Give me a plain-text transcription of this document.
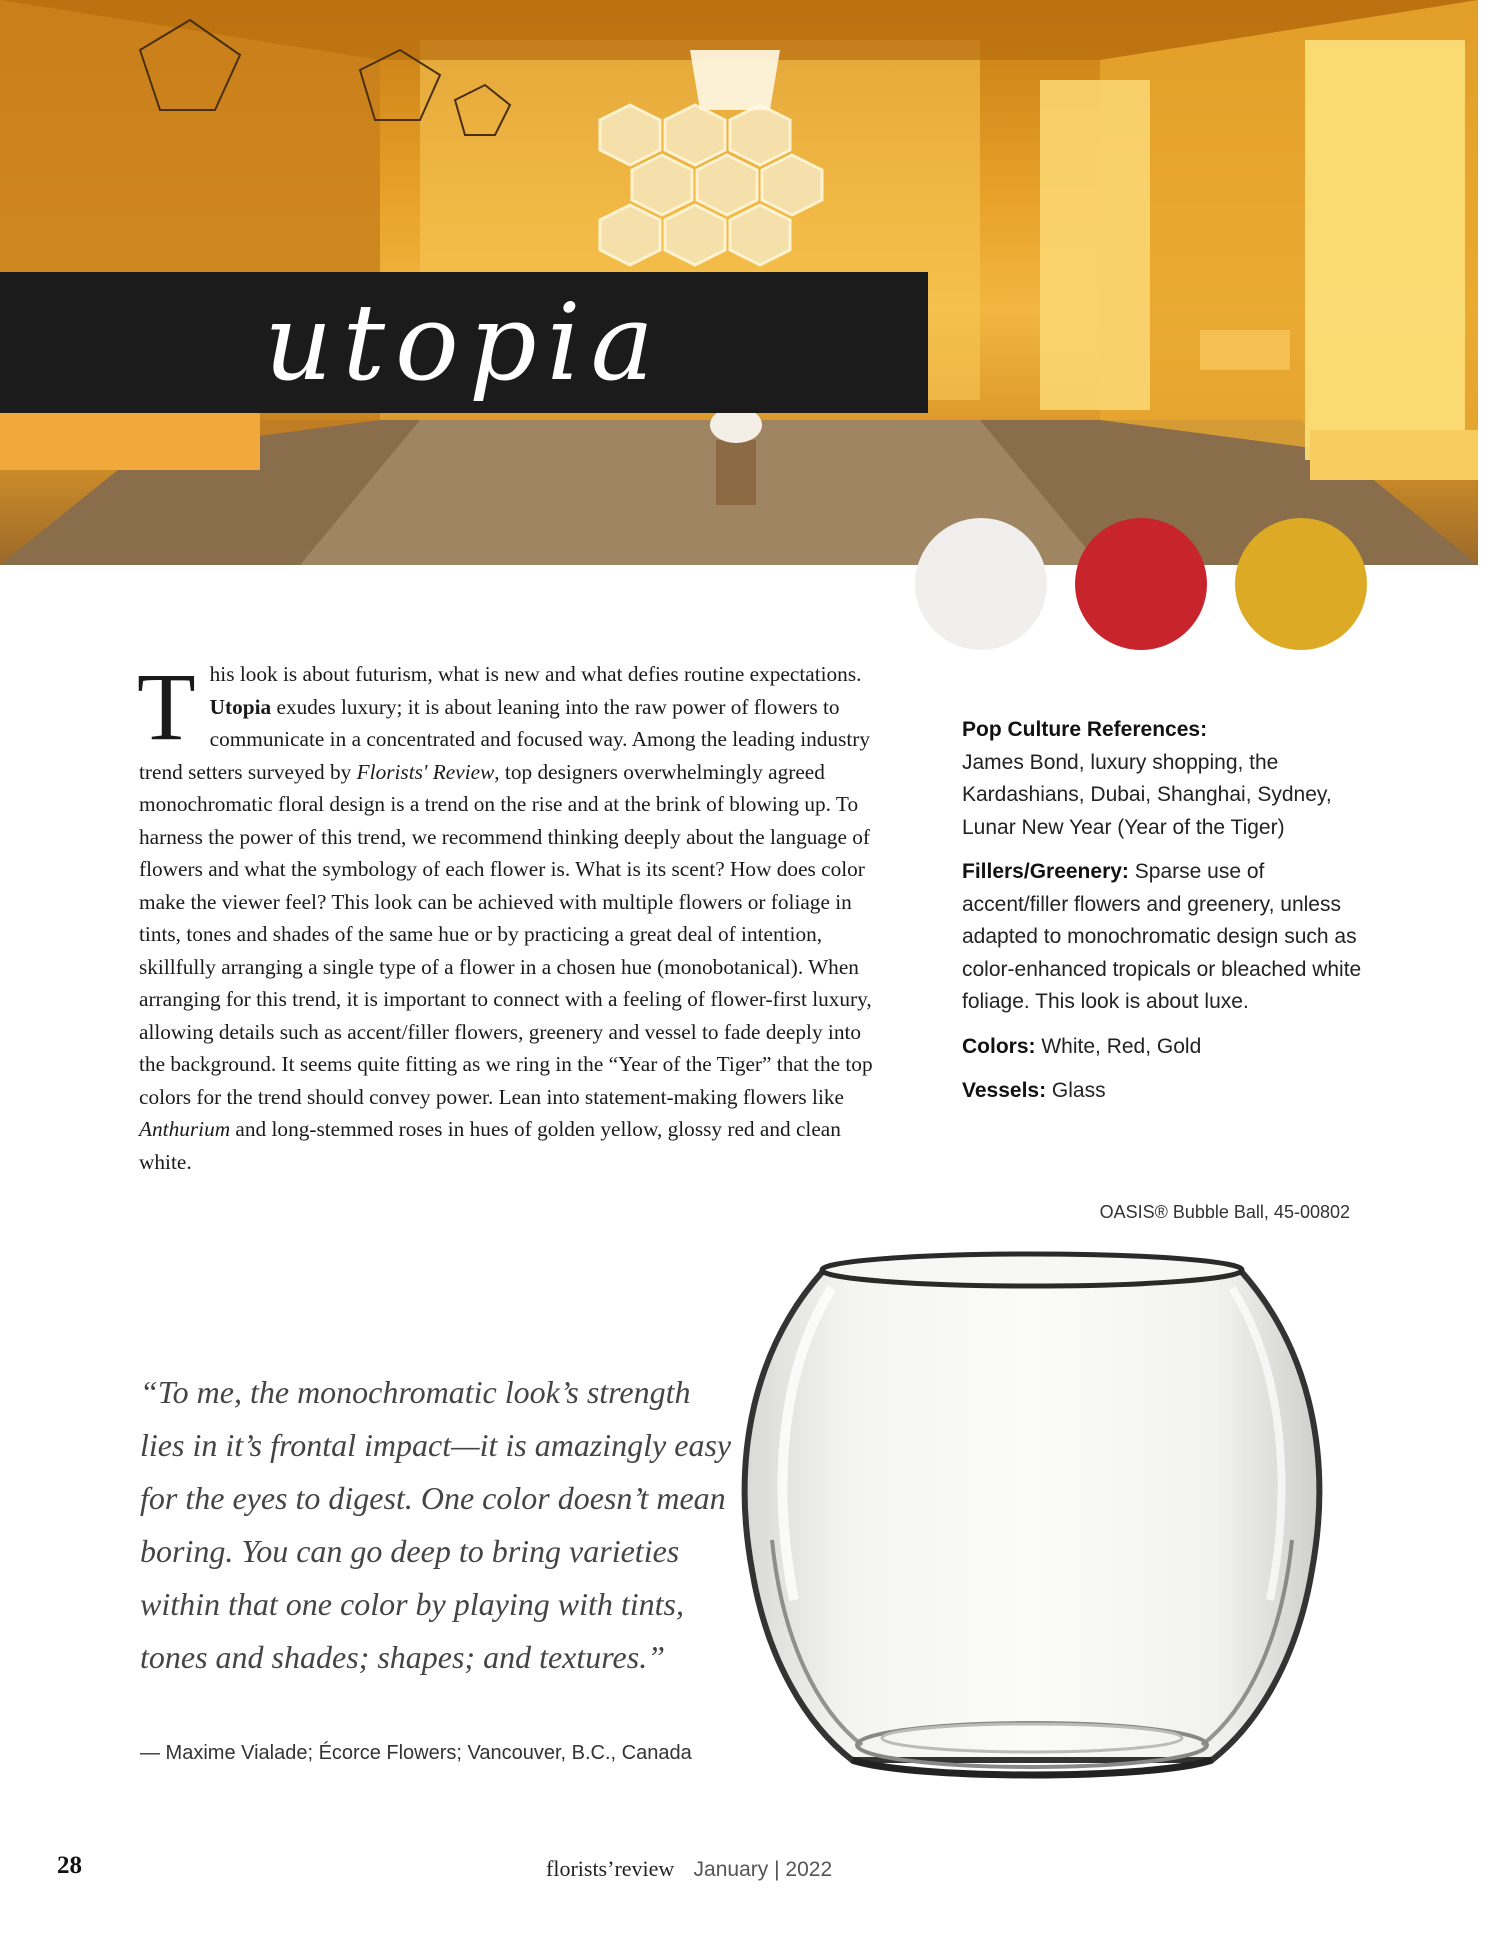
utopia
T his look is about futurism, what is new and what defies routine expectations. Utopia exudes luxury; it is about leaning into the raw power of flowers to communicate in a concentrated and focused way. Among the leading industry trend setters surveyed by Florists' Review, top designers overwhelmingly agreed monochromatic floral design is a trend on the rise and at the brink of blowing up. To harness the power of this trend, we recommend thinking deeply about the language of flowers and what the symbology of each flower is. What is its scent? How does color make the viewer feel? This look can be achieved with multiple flowers or foliage in tints, tones and shades of the same hue or by practicing a great deal of intention, skillfully arranging a single type of a flower in a chosen hue (monobotanical). When arranging for this trend, it is important to connect with a feeling of flower-first luxury, allowing details such as accent/filler flowers, greenery and vessel to fade deeply into the background. It seems quite fitting as we ring in the “Year of the Tiger” that the top colors for the trend should convey power. Lean into statement-making flowers like Anthurium and long-stemmed roses in hues of golden yellow, glossy red and clean white.

Pop Culture References:
James Bond, luxury shopping, the Kardashians, Dubai, Shanghai, Sydney, Lunar New Year (Year of the Tiger)
Fillers/Greenery: Sparse use of accent/filler flowers and greenery, unless adapted to monochromatic design such as color-enhanced tropicals or bleached white foliage. This look is about luxe.
Colors: White, Red, Gold
Vessels: Glass
OASIS® Bubble Ball, 45-00802
“To me, the monochromatic look’s strength lies in it’s frontal impact—it is amazingly easy for the eyes to digest. One color doesn’t mean boring. You can go deep to bring varieties within that one color by playing with tints, tones and shades; shapes; and textures.”
— Maxime Vialade; Écorce Flowers; Vancouver, B.C., Canada
28	florists’review January | 2022
